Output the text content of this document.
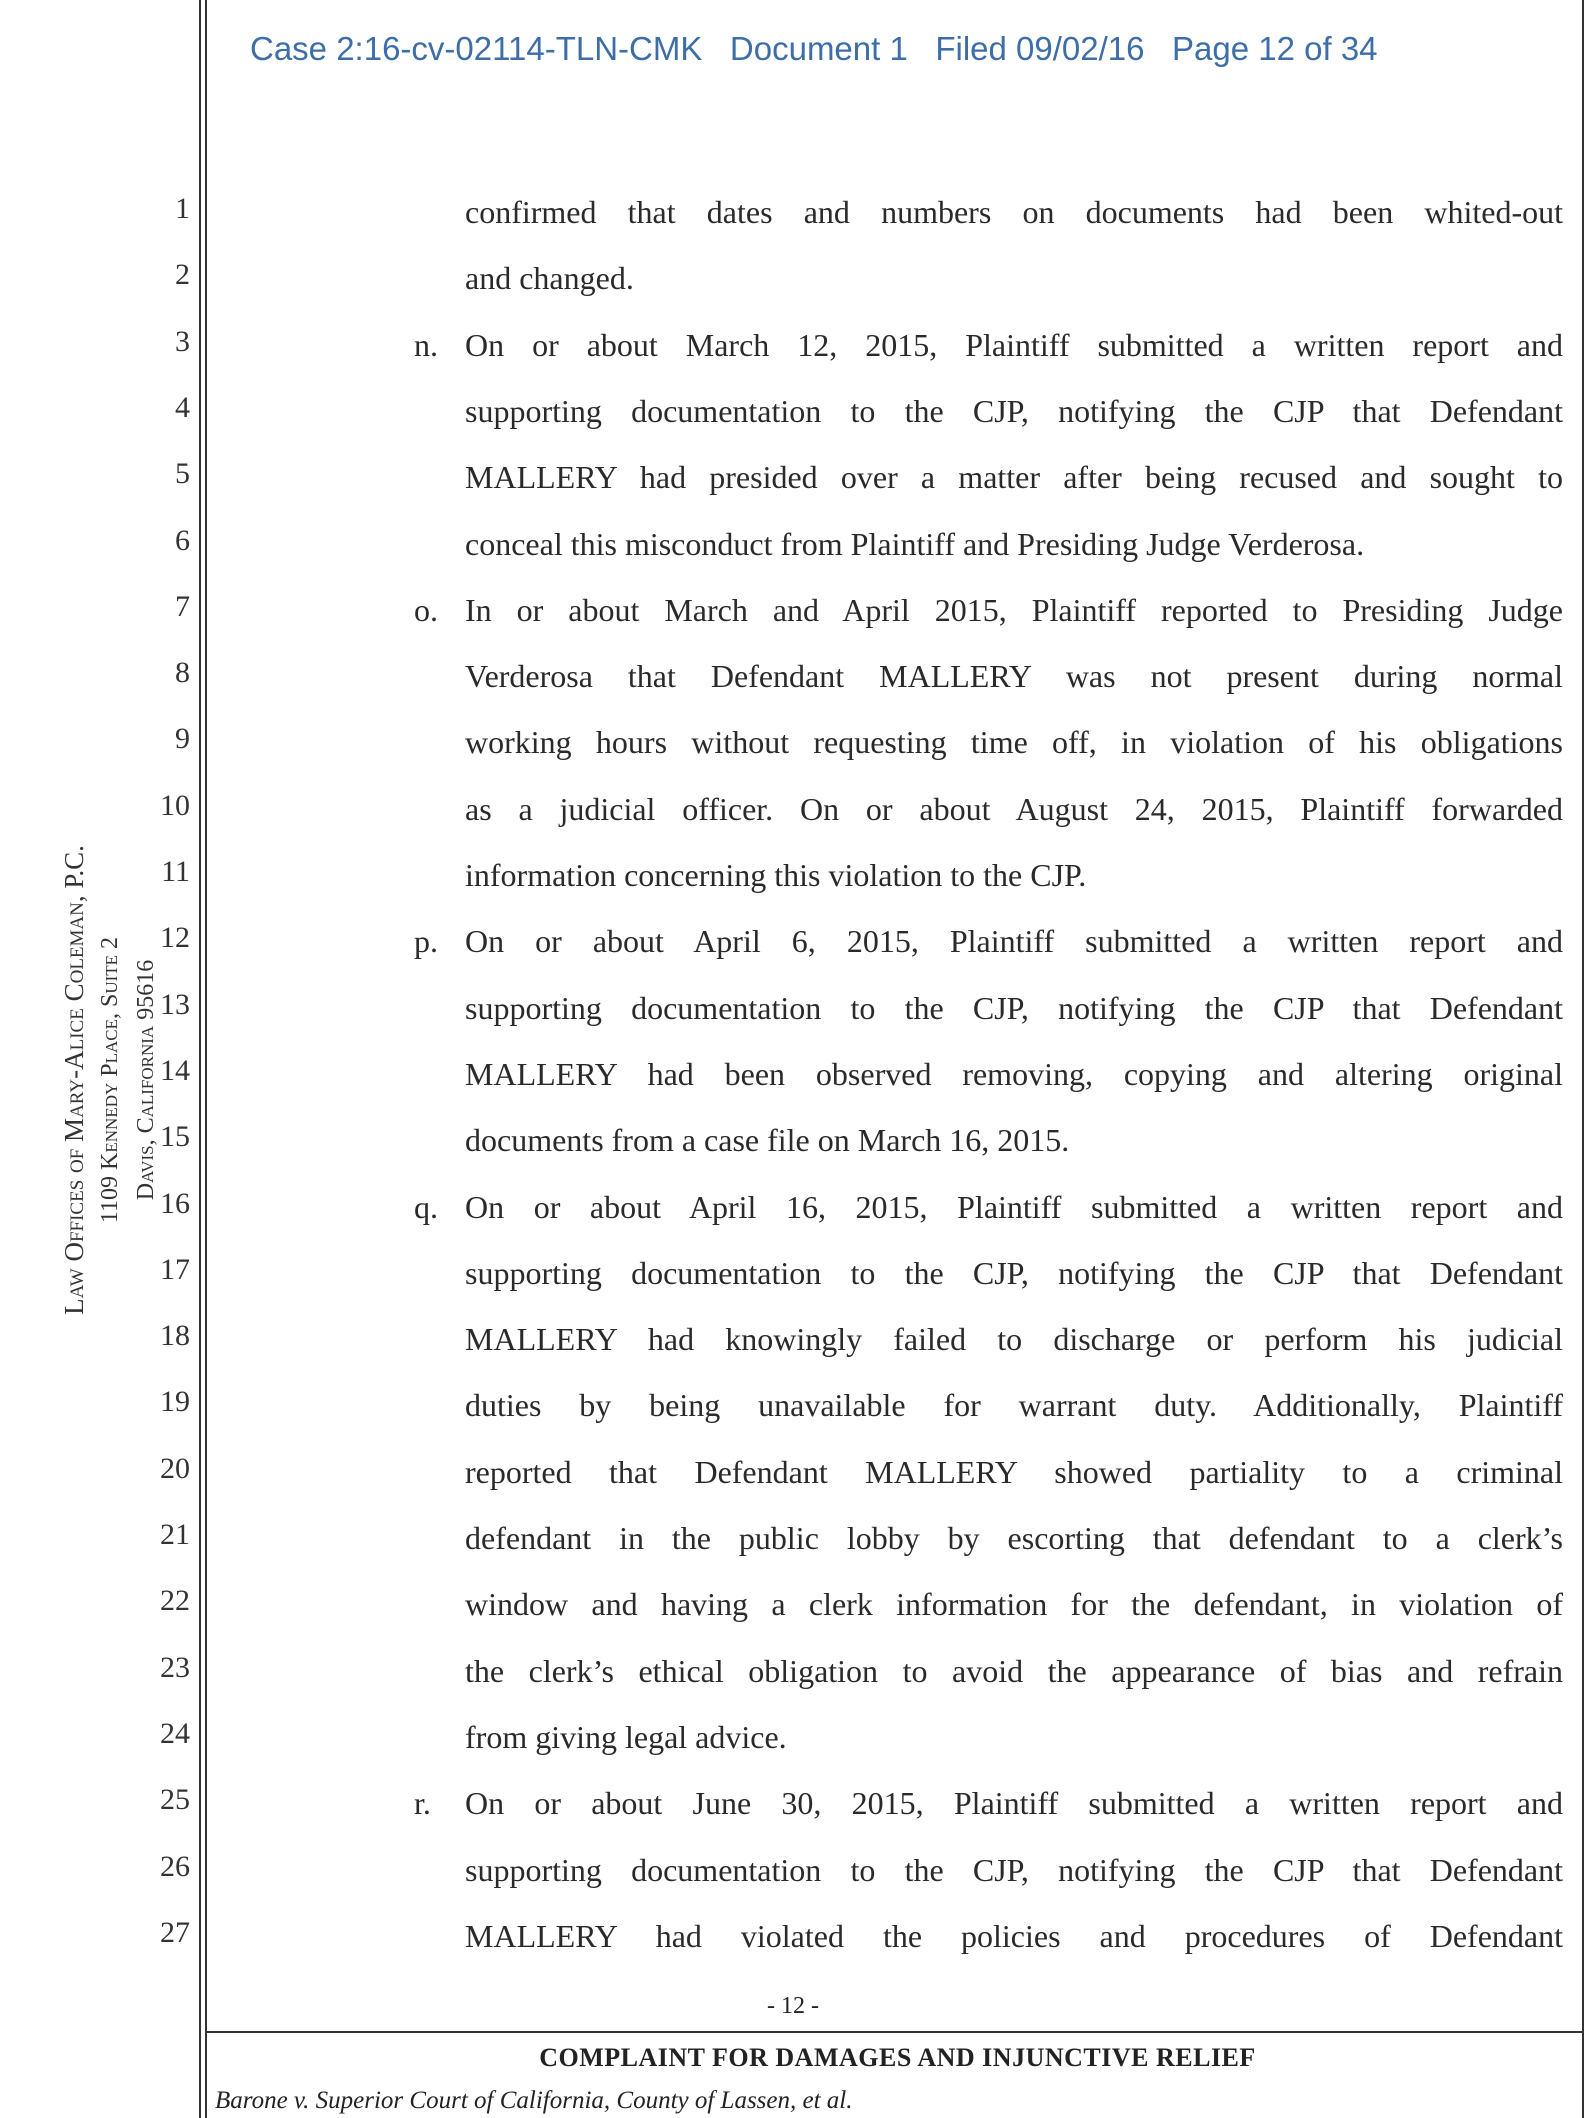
Case 2:16-cv-02114-TLN-CMK Document 1 Filed 09/02/16 Page 12 of 34
Law Offices of Mary-Alice Coleman, P.C. 1109 Kennedy Place, Suite 2 Davis, California 95616
1
2
3
4
5
6
7
8
9
10
11
12
13
14
15
16
17
18
19
20
21
22
23
24
25
26
27
confirmed that dates and numbers on documents had been whited-out
and changed.
On or about March 12, 2015, Plaintiff submitted a written report and
supporting documentation to the CJP, notifying the CJP that Defendant
MALLERY had presided over a matter after being recused and sought to
conceal this misconduct from Plaintiff and Presiding Judge Verderosa.
In or about March and April 2015, Plaintiff reported to Presiding Judge
Verderosa that Defendant MALLERY was not present during normal
working hours without requesting time off, in violation of his obligations
as a judicial officer. On or about August 24, 2015, Plaintiff forwarded
information concerning this violation to the CJP.
On or about April 6, 2015, Plaintiff submitted a written report and
supporting documentation to the CJP, notifying the CJP that Defendant
MALLERY had been observed removing, copying and altering original
documents from a case file on March 16, 2015.
On or about April 16, 2015, Plaintiff submitted a written report and
supporting documentation to the CJP, notifying the CJP that Defendant
MALLERY had knowingly failed to discharge or perform his judicial
duties by being unavailable for warrant duty. Additionally, Plaintiff
reported that Defendant MALLERY showed partiality to a criminal
defendant in the public lobby by escorting that defendant to a clerk’s
window and having a clerk information for the defendant, in violation of
the clerk’s ethical obligation to avoid the appearance of bias and refrain
from giving legal advice.
On or about June 30, 2015, Plaintiff submitted a written report and
supporting documentation to the CJP, notifying the CJP that Defendant
MALLERY had violated the policies and procedures of Defendant
n.
o.
p.
q.
r.
- 12 -
COMPLAINT FOR DAMAGES AND INJUNCTIVE RELIEF
Barone v. Superior Court of California, County of Lassen, et al.
